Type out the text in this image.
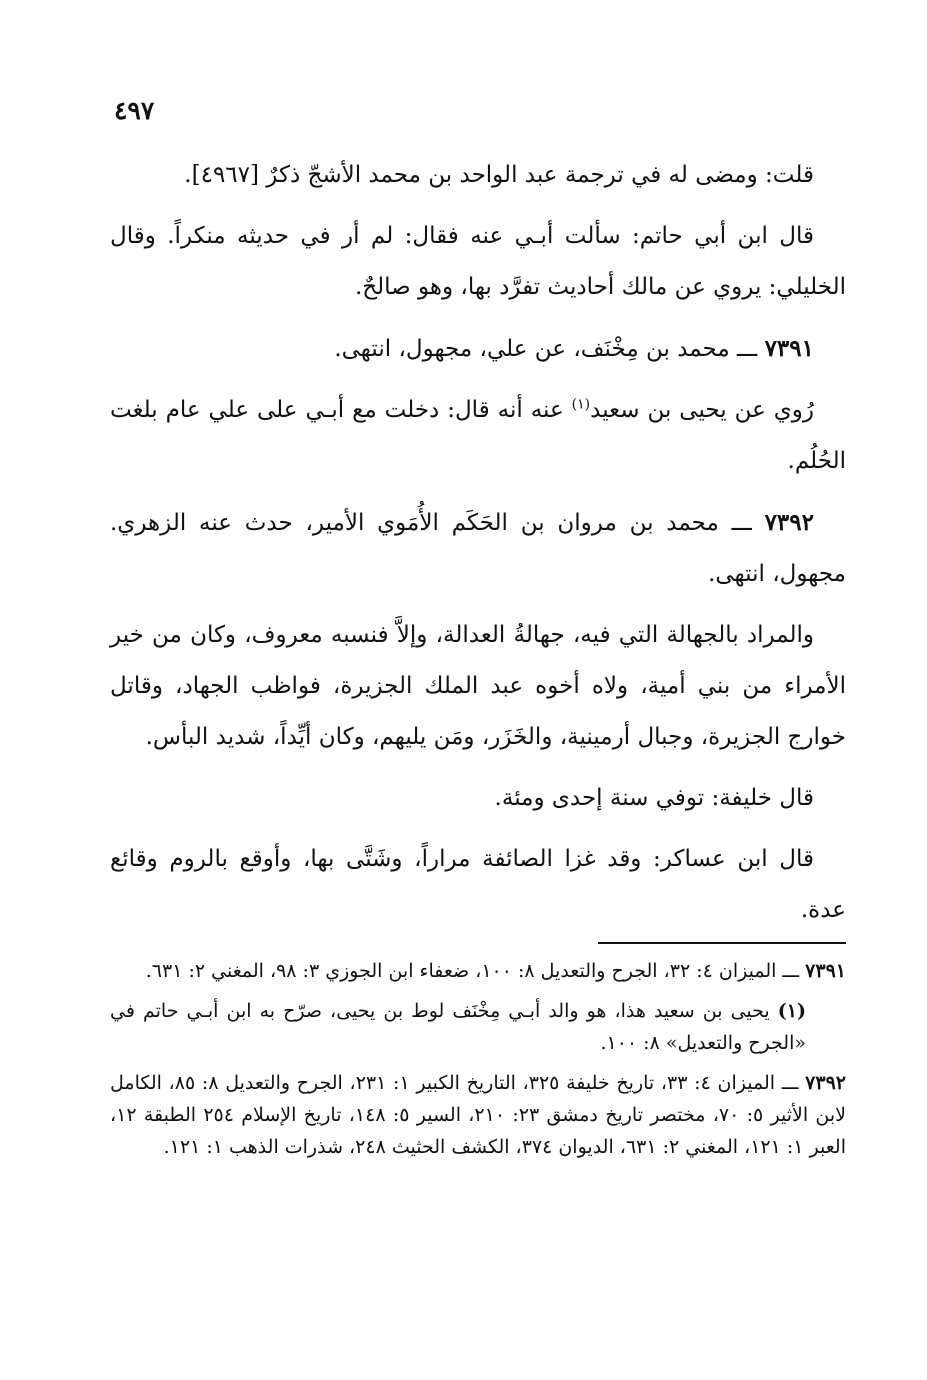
٤٩٧

قلت: ومضى له في ترجمة عبد الواحد بن محمد الأشجّ ذكرٌ [٤٩٦٧].

قال ابن أبي حاتم: سألت أبـي عنه فقال: لم أر في حديثه منكراً. وقال الخليلي: يروي عن مالك أحاديث تفرَّد بها، وهو صالحٌ.

٧٣٩١ ـــ محمد بن مِخْنَف، عن علي، مجهول، انتهى.

رُوي عن يحيى بن سعيد$^{(١)}$ عنه أنه قال: دخلت مع أبـي على علي عام بلغت الحُلُم.

٧٣٩٢ ـــ محمد بن مروان بن الحَكَم الأُمَوي الأمير، حدث عنه الزهري. مجهول، انتهى.

والمراد بالجهالة التي فيه، جهالةُ العدالة، وإلاَّ فنسبه معروف، وكان من خير الأمراء من بني أمية، ولاه أخوه عبد الملك الجزيرة، فواظب الجهاد، وقاتل خوارج الجزيرة، وجبال أرمينية، والخَزَر، ومَن يليهم، وكان أيِّداً، شديد البأس.

قال خليفة: توفي سنة إحدى ومئة.

قال ابن عساكر: وقد غزا الصائفة مراراً، وشَتَّى بها، وأوقع بالروم وقائع عدة.

٧٣٩١ ـــ الميزان ٤: ٣٢، الجرح والتعديل ٨: ١٠٠، ضعفاء ابن الجوزي ٣: ٩٨، المغني ٢: ٦٣١.

(١) يحيى بن سعيد هذا، هو والد أبـي مِخْنَف لوط بن يحيى، صرّح به ابن أبـي حاتم في «الجرح والتعديل» ٨: ١٠٠.

٧٣٩٢ ـــ الميزان ٤: ٣٣، تاريخ خليفة ٣٢٥، التاريخ الكبير ١: ٢٣١، الجرح والتعديل ٨: ٨٥، الكامل لابن الأثير ٥: ٧٠، مختصر تاريخ دمشق ٢٣: ٢١٠، السير ٥: ١٤٨، تاريخ الإسلام ٢٥٤ الطبقة ١٢، العبر ١: ١٢١، المغني ٢: ٦٣١، الديوان ٣٧٤، الكشف الحثيث ٢٤٨، شذرات الذهب ١: ١٢١.
